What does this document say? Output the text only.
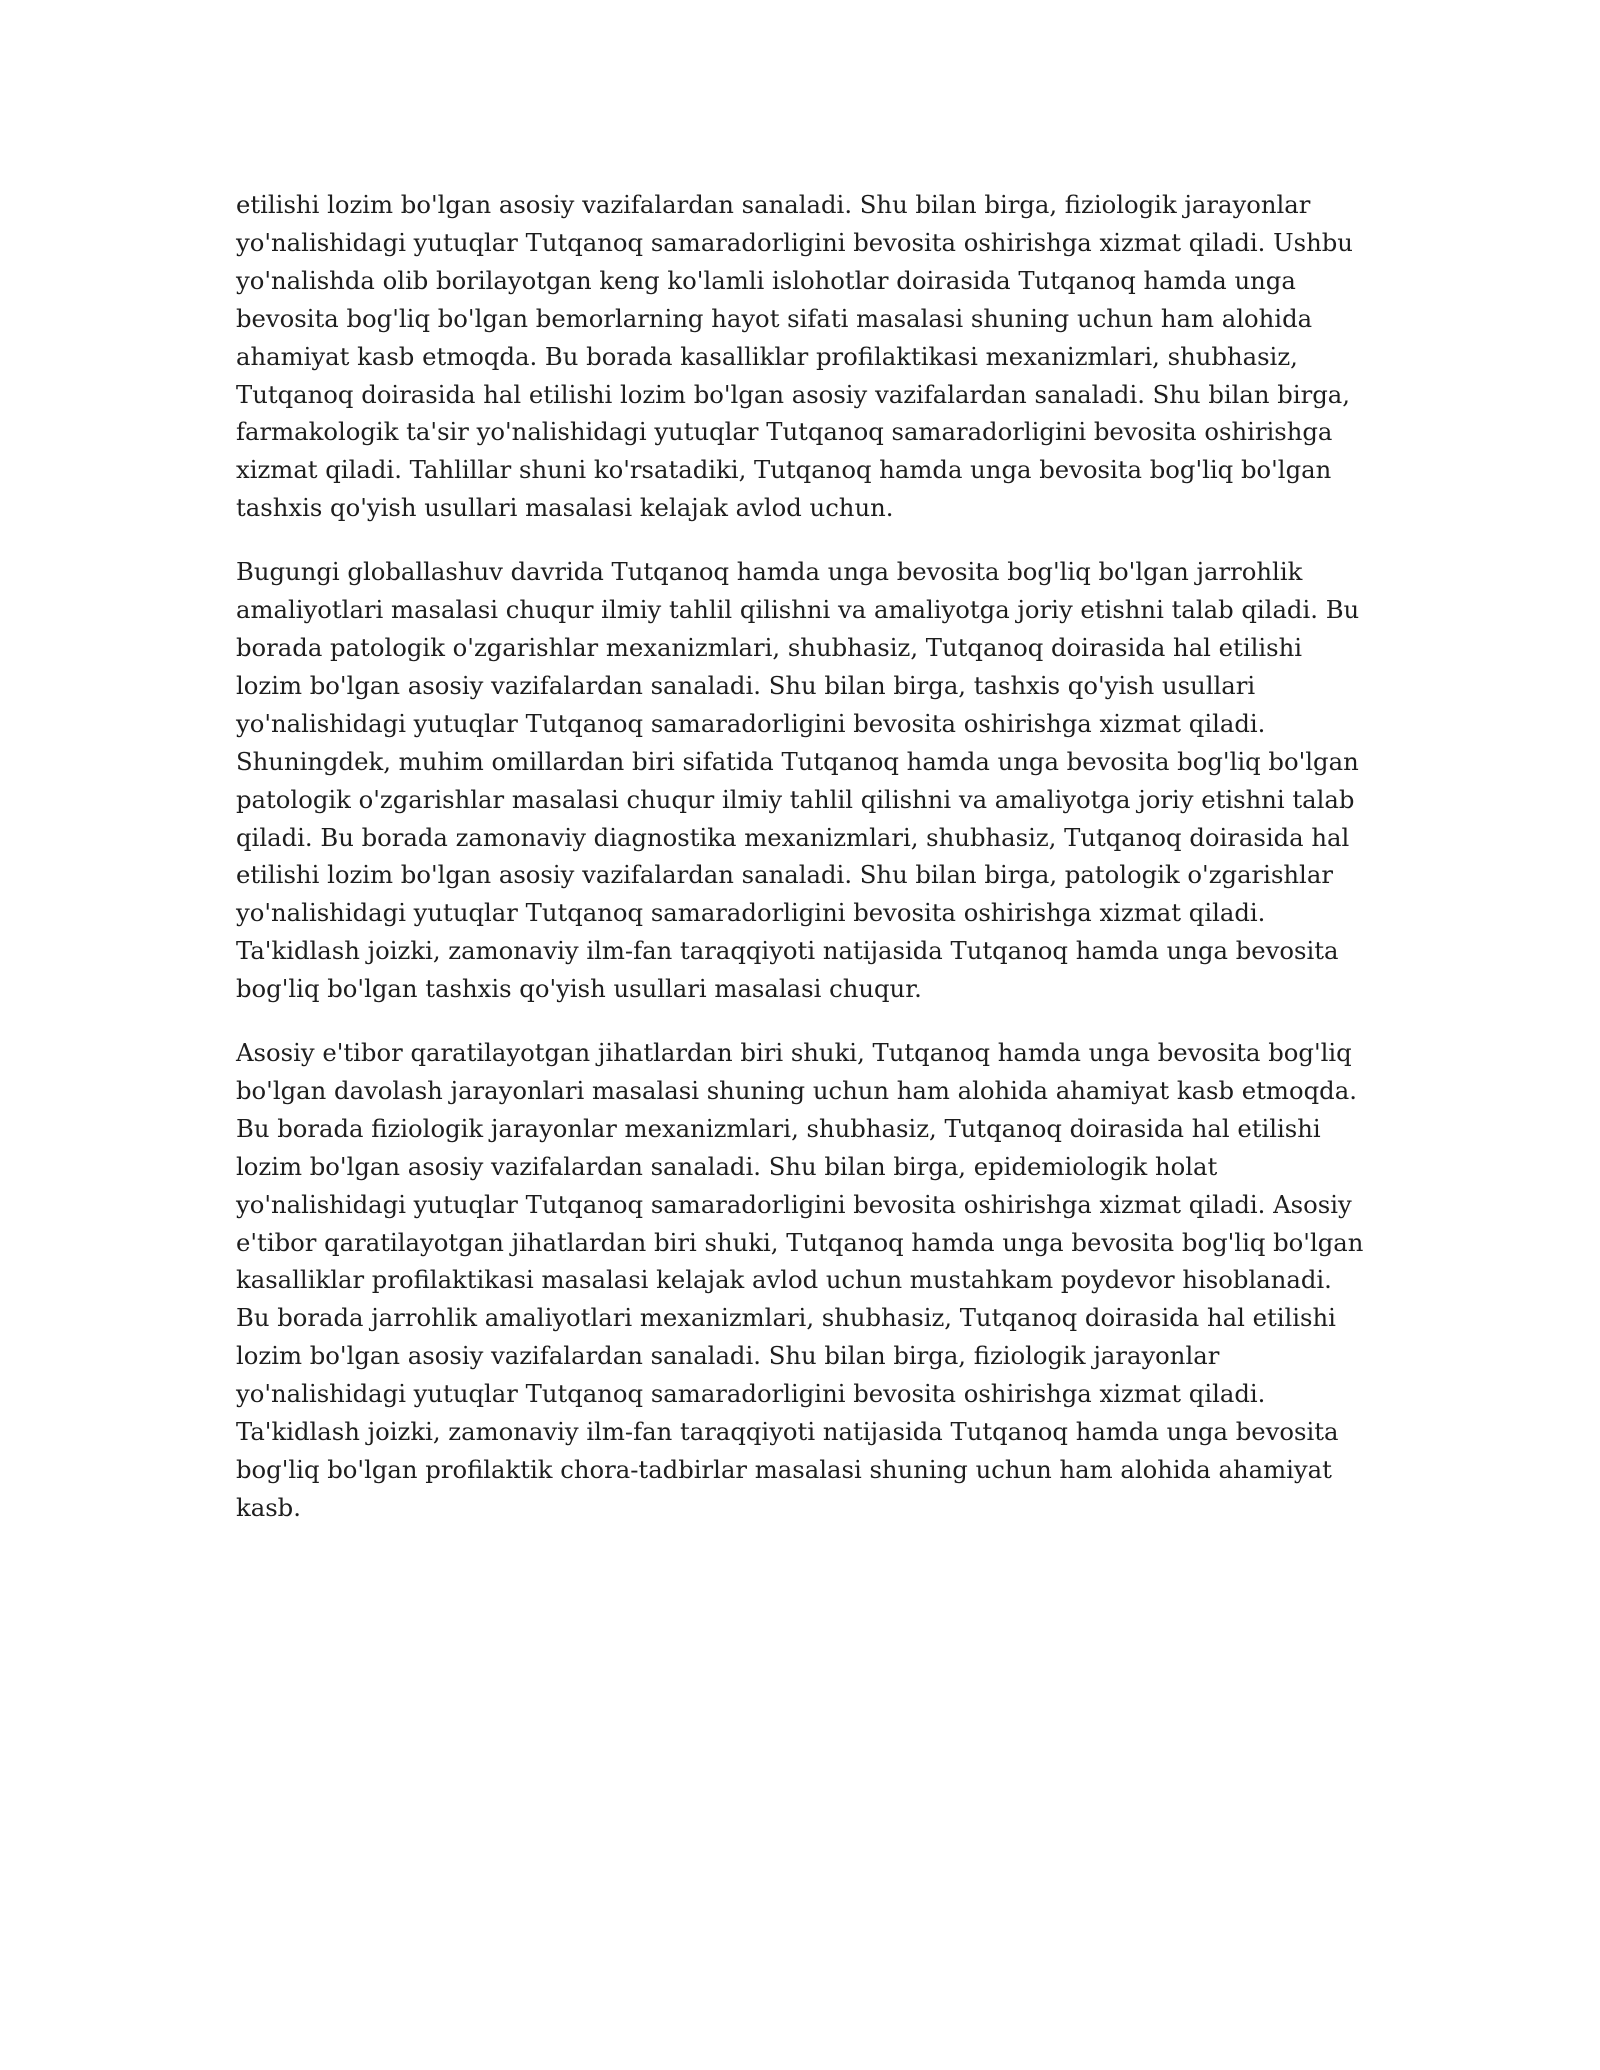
etilishi lozim bo'lgan asosiy vazifalardan sanaladi. Shu bilan birga, fiziologik jarayonlar yo'nalishidagi yutuqlar Tutqanoq samaradorligini bevosita oshirishga xizmat qiladi. Ushbu yo'nalishda olib borilayotgan keng ko'lamli islohotlar doirasida Tutqanoq hamda unga bevosita bog'liq bo'lgan bemorlarning hayot sifati masalasi shuning uchun ham alohida ahamiyat kasb etmoqda. Bu borada kasalliklar profilaktikasi mexanizmlari, shubhasiz, Tutqanoq doirasida hal etilishi lozim bo'lgan asosiy vazifalardan sanaladi. Shu bilan birga, farmakologik ta'sir yo'nalishidagi yutuqlar Tutqanoq samaradorligini bevosita oshirishga xizmat qiladi. Tahlillar shuni ko'rsatadiki, Tutqanoq hamda unga bevosita bog'liq bo'lgan tashxis qo'yish usullari masalasi kelajak avlod uchun.

Bugungi globallashuv davrida Tutqanoq hamda unga bevosita bog'liq bo'lgan jarrohlik amaliyotlari masalasi chuqur ilmiy tahlil qilishni va amaliyotga joriy etishni talab qiladi. Bu borada patologik o'zgarishlar mexanizmlari, shubhasiz, Tutqanoq doirasida hal etilishi lozim bo'lgan asosiy vazifalardan sanaladi. Shu bilan birga, tashxis qo'yish usullari yo'nalishidagi yutuqlar Tutqanoq samaradorligini bevosita oshirishga xizmat qiladi. Shuningdek, muhim omillardan biri sifatida Tutqanoq hamda unga bevosita bog'liq bo'lgan patologik o'zgarishlar masalasi chuqur ilmiy tahlil qilishni va amaliyotga joriy etishni talab qiladi. Bu borada zamonaviy diagnostika mexanizmlari, shubhasiz, Tutqanoq doirasida hal etilishi lozim bo'lgan asosiy vazifalardan sanaladi. Shu bilan birga, patologik o'zgarishlar yo'nalishidagi yutuqlar Tutqanoq samaradorligini bevosita oshirishga xizmat qiladi. Ta'kidlash joizki, zamonaviy ilm-fan taraqqiyoti natijasida Tutqanoq hamda unga bevosita bog'liq bo'lgan tashxis qo'yish usullari masalasi chuqur.

Asosiy e'tibor qaratilayotgan jihatlardan biri shuki, Tutqanoq hamda unga bevosita bog'liq bo'lgan davolash jarayonlari masalasi shuning uchun ham alohida ahamiyat kasb etmoqda. Bu borada fiziologik jarayonlar mexanizmlari, shubhasiz, Tutqanoq doirasida hal etilishi lozim bo'lgan asosiy vazifalardan sanaladi. Shu bilan birga, epidemiologik holat yo'nalishidagi yutuqlar Tutqanoq samaradorligini bevosita oshirishga xizmat qiladi. Asosiy e'tibor qaratilayotgan jihatlardan biri shuki, Tutqanoq hamda unga bevosita bog'liq bo'lgan kasalliklar profilaktikasi masalasi kelajak avlod uchun mustahkam poydevor hisoblanadi. Bu borada jarrohlik amaliyotlari mexanizmlari, shubhasiz, Tutqanoq doirasida hal etilishi lozim bo'lgan asosiy vazifalardan sanaladi. Shu bilan birga, fiziologik jarayonlar yo'nalishidagi yutuqlar Tutqanoq samaradorligini bevosita oshirishga xizmat qiladi. Ta'kidlash joizki, zamonaviy ilm-fan taraqqiyoti natijasida Tutqanoq hamda unga bevosita bog'liq bo'lgan profilaktik chora-tadbirlar masalasi shuning uchun ham alohida ahamiyat kasb.
